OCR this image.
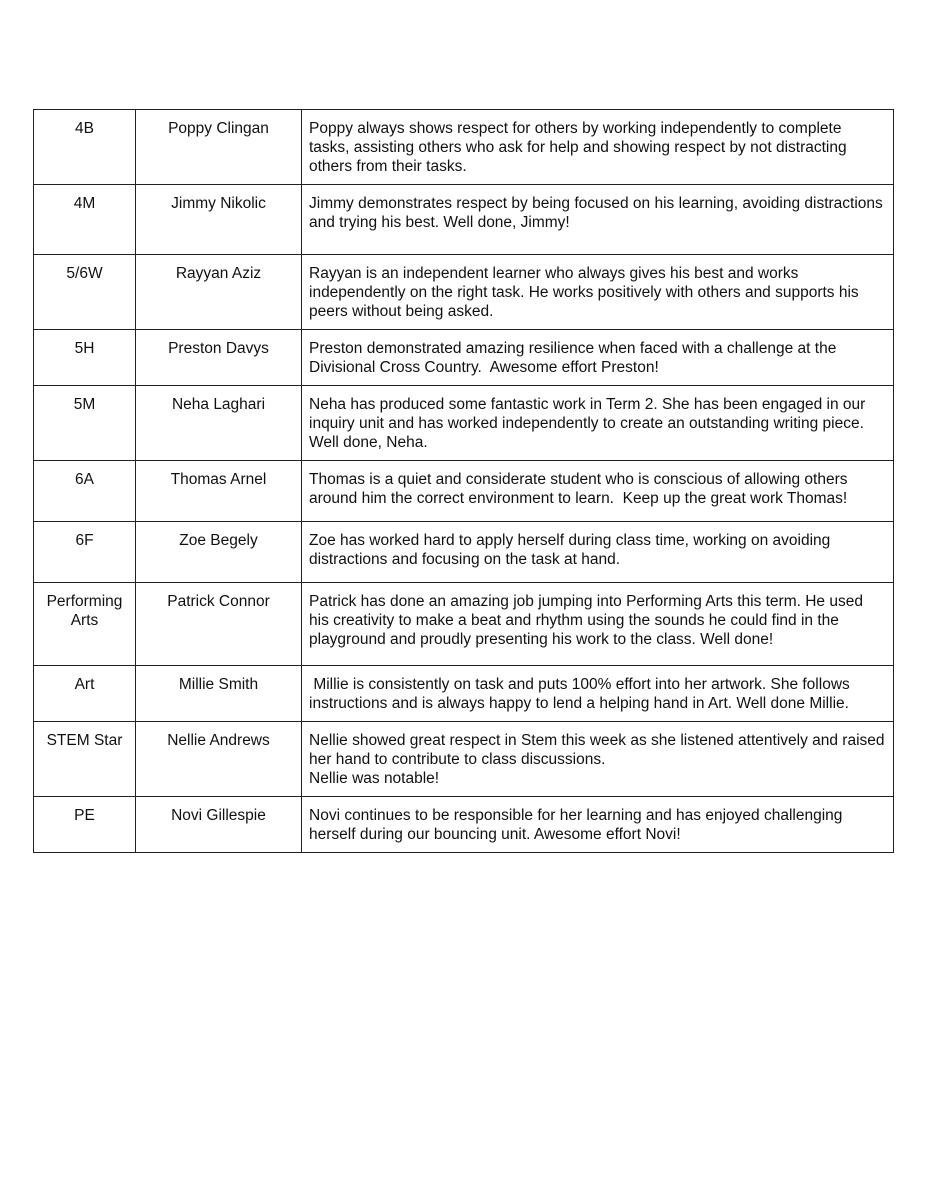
4B	Poppy Clingan	Poppy always shows respect for others by working independently to complete tasks, assisting others who ask for help and showing respect by not distracting others from their tasks.
4M	Jimmy Nikolic	Jimmy demonstrates respect by being focused on his learning, avoiding distractions and trying his best. Well done, Jimmy!
5/6W	Rayyan Aziz	Rayyan is an independent learner who always gives his best and works independently on the right task. He works positively with others and supports his peers without being asked.
5H	Preston Davys	Preston demonstrated amazing resilience when faced with a challenge at the Divisional Cross Country.  Awesome effort Preston!
5M	Neha Laghari	Neha has produced some fantastic work in Term 2. She has been engaged in our inquiry unit and has worked independently to create an outstanding writing piece. Well done, Neha.
6A	Thomas Arnel	Thomas is a quiet and considerate student who is conscious of allowing others around him the correct environment to learn.  Keep up the great work Thomas!
6F	Zoe Begely	Zoe has worked hard to apply herself during class time, working on avoiding distractions and focusing on the task at hand.
Performing Arts	Patrick Connor	Patrick has done an amazing job jumping into Performing Arts this term. He used his creativity to make a beat and rhythm using the sounds he could find in the playground and proudly presenting his work to the class. Well done!
Art	Millie Smith	Millie is consistently on task and puts 100% effort into her artwork. She follows instructions and is always happy to lend a helping hand in Art. Well done Millie.
STEM Star	Nellie Andrews	Nellie showed great respect in Stem this week as she listened attentively and raised her hand to contribute to class discussions.
Nellie was notable!
PE	Novi Gillespie	Novi continues to be responsible for her learning and has enjoyed challenging herself during our bouncing unit. Awesome effort Novi!
